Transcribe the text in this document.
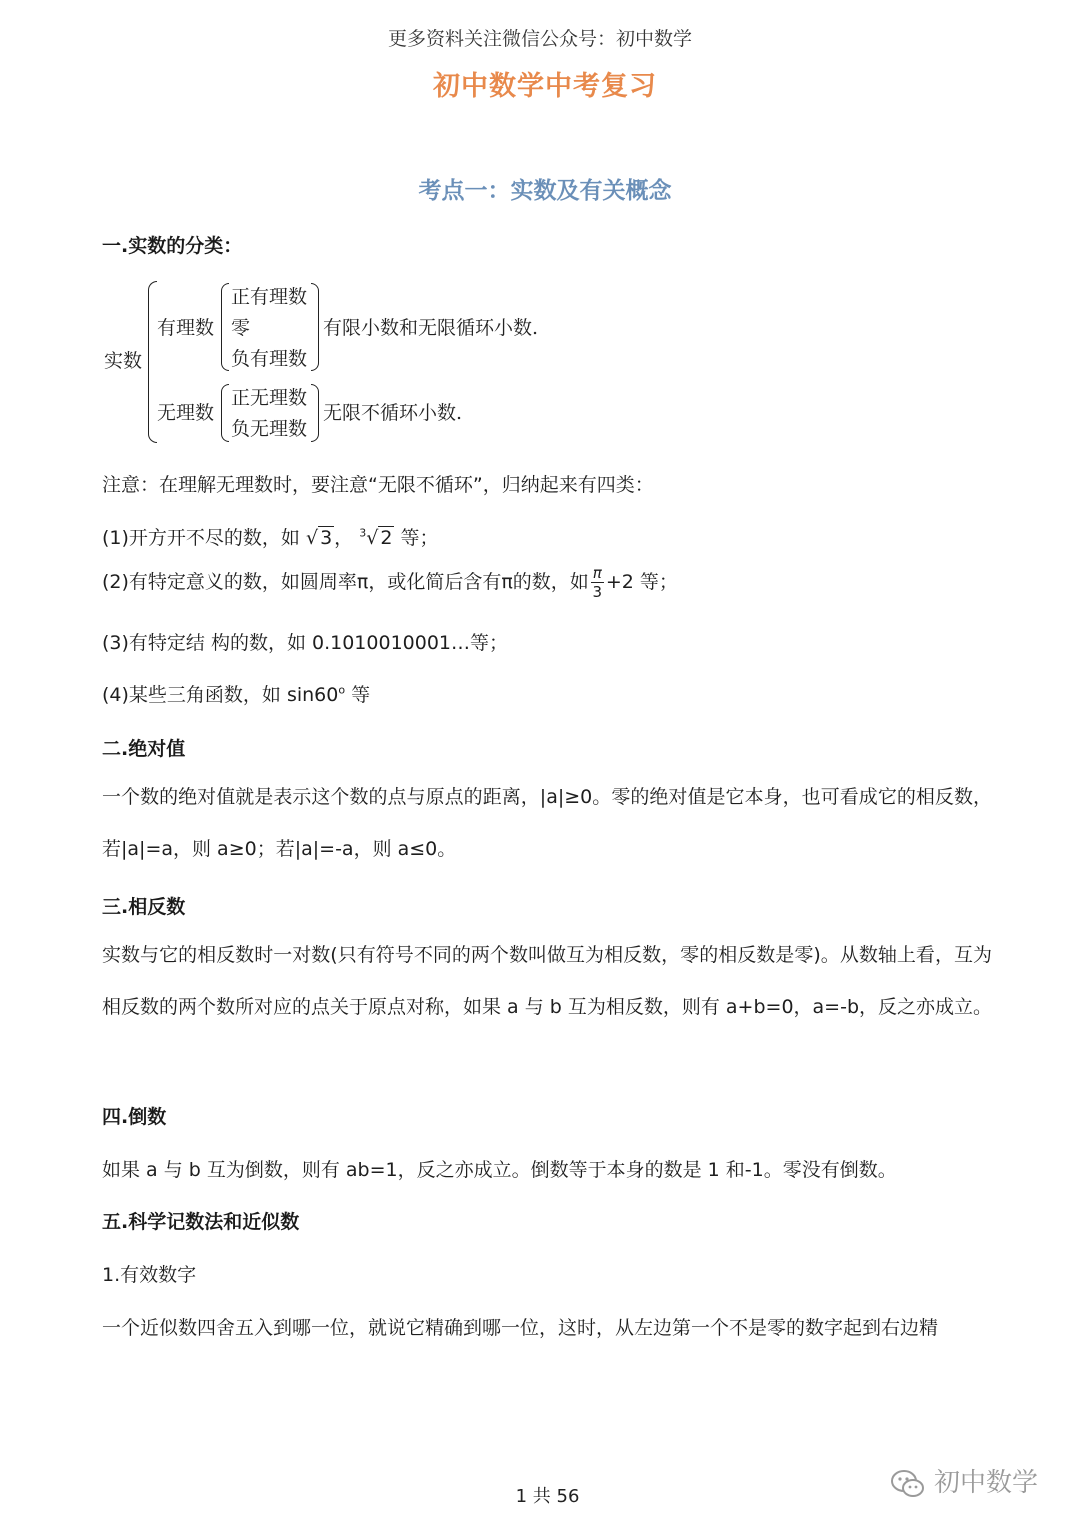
更多资料关注微信公众号：初中数学
初中数学中考复习
考点一：实数及有关概念
一.实数的分类：
实数
有理数
正有理数
零
负有理数
有限小数和无限循环小数.
无理数
正无理数
负无理数
无限不循环小数.
注意：在理解无理数时，要注意“无限不循环”，归纳起来有四类：
(1)开方开不尽的数，如 √ 3 ， $^3$√ 2 等；
(2)有特定意义的数，如圆周率π，或化简后含有π的数，如 $\frac{\pi}{3} +2$ 等；
(3)有特定结 构的数，如 0.1010010001…等；
(4)某些三角函数，如 sin60$^o$ 等
二.绝对值
一个数的绝对值就是表示这个数的点与原点的距离，|a|≥0。零的绝对值是它本身，也可看成它的相反数，若|a|=a，则 a≥0；若|a|=-a，则 a≤0。
三.相反数
实数与它的相反数时一对数(只有符号不同的两个数叫做互为相反数，零的相反数是零)。从数轴上看，互为相反数的两个数所对应的点关于原点对称，如果 a 与 b 互为相反数，则有 a+b=0，a=-b，反之亦成立。
四.倒数
如果 a 与 b 互为倒数，则有 ab=1，反之亦成立。倒数等于本身的数是 1 和-1。零没有倒数。
五.科学记数法和近似数
1.有效数字
一个近似数四舍五入到哪一位，就说它精确到哪一位，这时，从左边第一个不是零的数字起到右边精
1 共 56	初中数学
